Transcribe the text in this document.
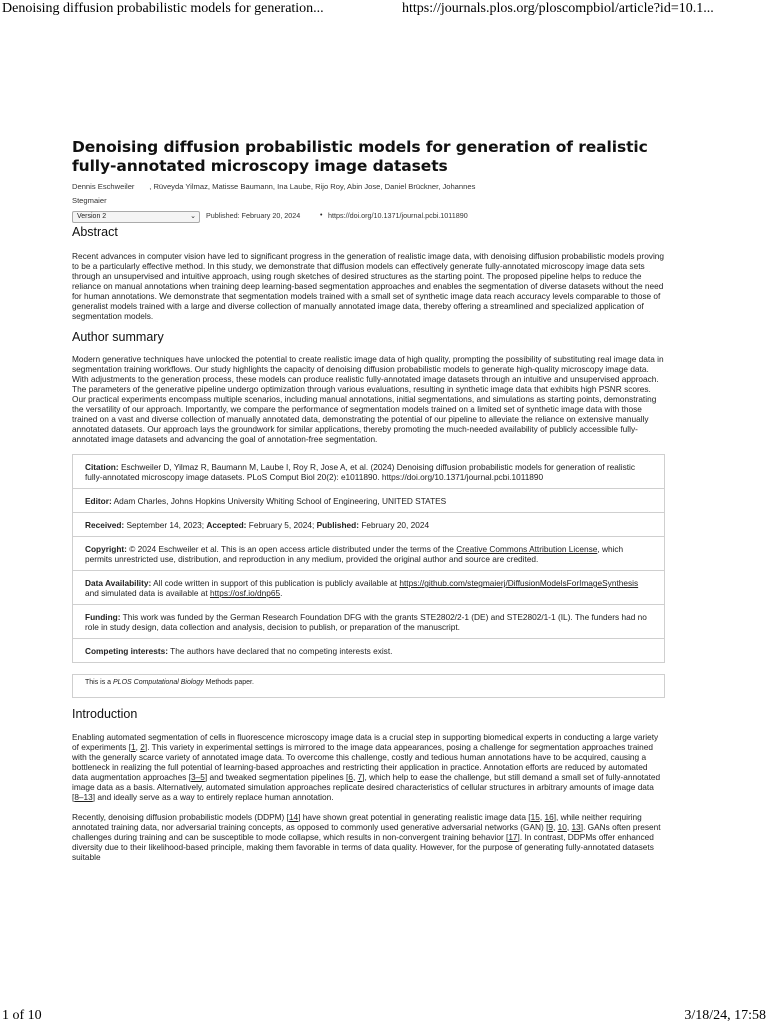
Denoising diffusion probabilistic models for generation...	https://journals.plos.org/ploscompbiol/article?id=10.1...
Denoising diffusion probabilistic models for generation of realistic fully-annotated microscopy image datasets
Dennis Eschweiler       , Rüveyda Yilmaz, Matisse Baumann, Ina Laube, Rijo Roy, Abin Jose, Daniel Brückner, Johannes Stegmaier
Version 2	⌄ Published: February 20, 2024	• https://doi.org/10.1371/journal.pcbi.1011890
Abstract

Recent advances in computer vision have led to significant progress in the generation of realistic image data, with denoising diffusion probabilistic models proving to be a particularly effective method. In this study, we demonstrate that diffusion models can effectively generate fully-annotated microscopy image data sets through an unsupervised and intuitive approach, using rough sketches of desired structures as the starting point. The proposed pipeline helps to reduce the reliance on manual annotations when training deep learning-based segmentation approaches and enables the segmentation of diverse datasets without the need for human annotations. We demonstrate that segmentation models trained with a small set of synthetic image data reach accuracy levels comparable to those of generalist models trained with a large and diverse collection of manually annotated image data, thereby offering a streamlined and specialized application of segmentation models.

Author summary

Modern generative techniques have unlocked the potential to create realistic image data of high quality, prompting the possibility of substituting real image data in segmentation training workflows. Our study highlights the capacity of denoising diffusion probabilistic models to generate high-quality microscopy image data. With adjustments to the generation process, these models can produce realistic fully-annotated image datasets through an intuitive and unsupervised approach. The parameters of the generative pipeline undergo optimization through various evaluations, resulting in synthetic image data that exhibits high PSNR scores. Our practical experiments encompass multiple scenarios, including manual annotations, initial segmentations, and simulations as starting points, demonstrating the versatility of our approach. Importantly, we compare the performance of segmentation models trained on a limited set of synthetic image data with those trained on a vast and diverse collection of manually annotated data, demonstrating the potential of our pipeline to alleviate the reliance on extensive manually annotated datasets. Our approach lays the groundwork for similar applications, thereby promoting the much-needed availability of publicly accessible fully-annotated image datasets and advancing the goal of annotation-free segmentation.

Citation: Eschweiler D, Yilmaz R, Baumann M, Laube I, Roy R, Jose A, et al. (2024) Denoising diffusion probabilistic models for generation of realistic fully-annotated microscopy image datasets. PLoS Comput Biol 20(2): e1011890. https://doi.org/10.1371/journal.pcbi.1011890
Editor: Adam Charles, Johns Hopkins University Whiting School of Engineering, UNITED STATES
Received: September 14, 2023; Accepted: February 5, 2024; Published: February 20, 2024
Copyright: © 2024 Eschweiler et al. This is an open access article distributed under the terms of the Creative Commons Attribution License, which permits unrestricted use, distribution, and reproduction in any medium, provided the original author and source are credited.
Data Availability: All code written in support of this publication is publicly available at https://github.com/stegmaierj/DiffusionModelsForImageSynthesis and simulated data is available at https://osf.io/dnp65.
Funding: This work was funded by the German Research Foundation DFG with the grants STE2802/2-1 (DE) and STE2802/1-1 (IL). The funders had no role in study design, data collection and analysis, decision to publish, or preparation of the manuscript.
Competing interests: The authors have declared that no competing interests exist.
This is a PLOS Computational Biology Methods paper.
Introduction

Enabling automated segmentation of cells in fluorescence microscopy image data is a crucial step in supporting biomedical experts in conducting a large variety of experiments [1, 2]. This variety in experimental settings is mirrored to the image data appearances, posing a challenge for segmentation approaches trained with the generally scarce variety of annotated image data. To overcome this challenge, costly and tedious human annotations have to be acquired, causing a bottleneck in realizing the full potential of learning-based approaches and restricting their application in practice. Annotation efforts are reduced by automated data augmentation approaches [3–5] and tweaked segmentation pipelines [6, 7], which help to ease the challenge, but still demand a small set of fully-annotated image data as a basis. Alternatively, automated simulation approaches replicate desired characteristics of cellular structures in arbitrary amounts of image data [8–13] and ideally serve as a way to entirely replace human annotation.

Recently, denoising diffusion probabilistic models (DDPM) [14] have shown great potential in generating realistic image data [15, 16], while neither requiring annotated training data, nor adversarial training concepts, as opposed to commonly used generative adversarial networks (GAN) [9, 10, 13]. GANs often present challenges during training and can be susceptible to mode collapse, which results in non-convergent training behavior [17]. In contrast, DDPMs offer enhanced diversity due to their likelihood-based principle, making them favorable in terms of data quality. However, for the purpose of generating fully-annotated datasets suitable

1 of 10	3/18/24, 17:58
